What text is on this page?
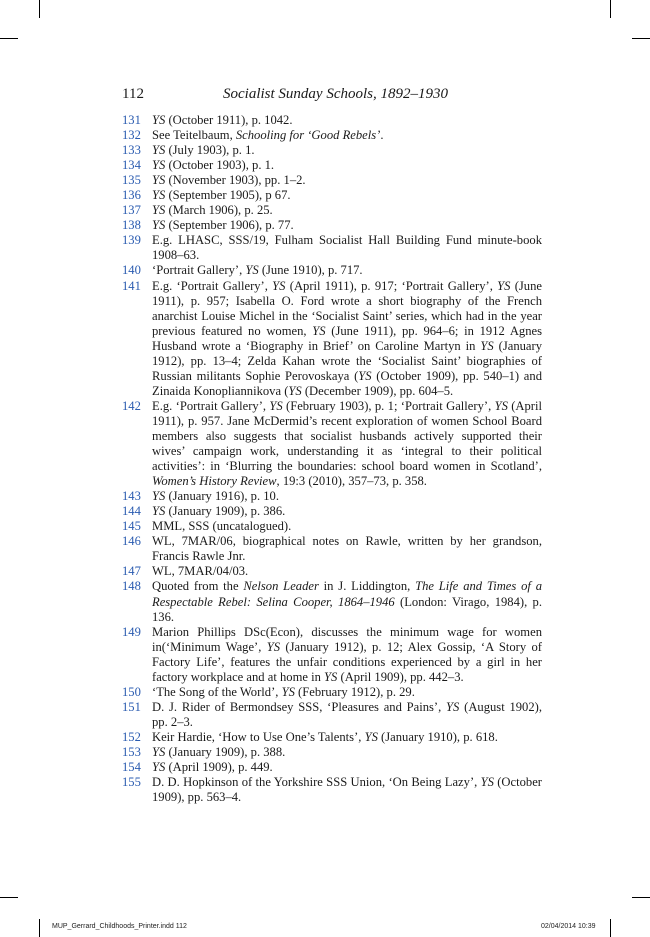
112	Socialist Sunday Schools, 1892–1930
131 YS (October 1911), p. 1042.
132 See Teitelbaum, Schooling for ‘Good Rebels’.
133 YS (July 1903), p. 1.
134 YS (October 1903), p. 1.
135 YS (November 1903), pp. 1–2.
136 YS (September 1905), p 67.
137 YS (March 1906), p. 25.
138 YS (September 1906), p. 77.
139 E.g. LHASC, SSS/19, Fulham Socialist Hall Building Fund minute-book 1908–63.
140 ‘Portrait Gallery’, YS (June 1910), p. 717.
141 E.g. ‘Portrait Gallery’, YS (April 1911), p. 917; ‘Portrait Gallery’, YS (June 1911), p. 957; Isabella O. Ford wrote a short biography of the French anarchist Louise Michel in the ‘Socialist Saint’ series, which had in the year previous featured no women, YS (June 1911), pp. 964–6; in 1912 Agnes Husband wrote a ‘Biography in Brief’ on Caroline Martyn in YS (January 1912), pp. 13–4; Zelda Kahan wrote the ‘Socialist Saint’ biographies of Russian militants Sophie Perovoskaya (YS (October 1909), pp. 540–1) and Zinaida Konopliannikova (YS (December 1909), pp. 604–5.
142 E.g. ‘Portrait Gallery’, YS (February 1903), p. 1; ‘Portrait Gallery’, YS (April 1911), p. 957. Jane McDermid’s recent exploration of women School Board members also suggests that socialist husbands actively supported their wives’ campaign work, understanding it as ‘integral to their political activities’: in ‘Blurring the boundaries: school board women in Scotland’, Women’s History Review, 19:3 (2010), 357–73, p. 358.
143 YS (January 1916), p. 10.
144 YS (January 1909), p. 386.
145 MML, SSS (uncatalogued).
146 WL, 7MAR/06, biographical notes on Rawle, written by her grandson, Francis Rawle Jnr.
147 WL, 7MAR/04/03.
148 Quoted from the Nelson Leader in J. Liddington, The Life and Times of a Respectable Rebel: Selina Cooper, 1864–1946 (London: Virago, 1984), p. 136.
149 Marion Phillips DSc(Econ), discusses the minimum wage for women in(‘Minimum Wage’, YS (January 1912), p. 12; Alex Gossip, ‘A Story of Factory Life’, features the unfair conditions experienced by a girl in her factory workplace and at home in YS (April 1909), pp. 442–3.
150 ‘The Song of the World’, YS (February 1912), p. 29.
151 D. J. Rider of Bermondsey SSS, ‘Pleasures and Pains’, YS (August 1902), pp. 2–3.
152 Keir Hardie, ‘How to Use One’s Talents’, YS (January 1910), p. 618.
153 YS (January 1909), p. 388.
154 YS (April 1909), p. 449.
155 D. D. Hopkinson of the Yorkshire SSS Union, ‘On Being Lazy’, YS (October 1909), pp. 563–4.
MUP_Gerrard_Childhoods_Printer.indd 112	02/04/2014 10:39
